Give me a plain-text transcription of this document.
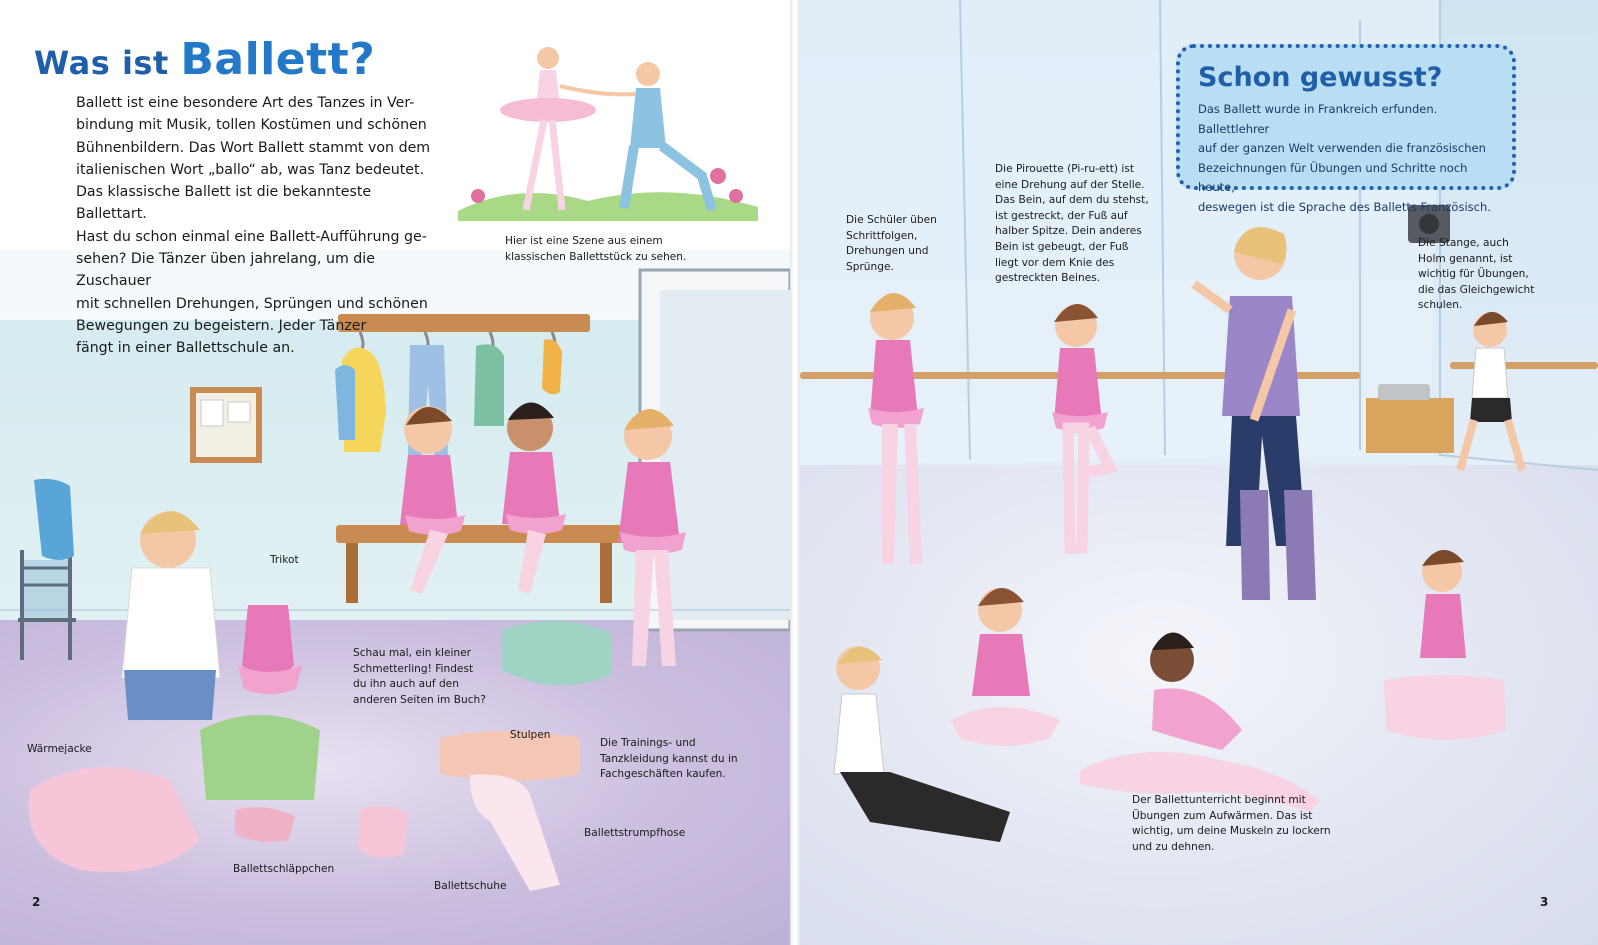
Was ist Ballett?

Ballett ist eine besondere Art des Tanzes in Ver-
bindung mit Musik, tollen Kostümen und schönen
Bühnenbildern. Das Wort Ballett stammt von dem
italienischen Wort „ballo“ ab, was Tanz bedeutet.
Das klassische Ballett ist die bekannteste Ballettart.
Hast du schon einmal eine Ballett-Aufführung ge-
sehen? Die Tänzer üben jahrelang, um die Zuschauer
mit schnellen Drehungen, Sprüngen und schönen
Bewegungen zu begeistern. Jeder Tänzer
fängt in einer Ballettschule an.

Hier ist eine Szene aus einem
klassischen Ballettstück zu sehen.

Trikot

Schau mal, ein kleiner
Schmetterling! Findest
du ihn auch auf den
anderen Seiten im Buch?

Wärmejacke

Stulpen

Die Trainings- und
Tanzkleidung kannst du in
Fachgeschäften kaufen.

Ballettstrumpfhose

Ballettschläppchen

Ballettschuhe

2
Schon gewusst?

Das Ballett wurde in Frankreich erfunden. Ballettlehrer
auf der ganzen Welt verwenden die französischen
Bezeichnungen für Übungen und Schritte noch heute,
deswegen ist die Sprache des Balletts Französisch.

Die Schüler üben
Schrittfolgen,
Drehungen und
Sprünge.

Die Pirouette (Pi-ru-ett) ist
eine Drehung auf der Stelle.
Das Bein, auf dem du stehst,
ist gestreckt, der Fuß auf
halber Spitze. Dein anderes
Bein ist gebeugt, der Fuß
liegt vor dem Knie des
gestreckten Beines.

Die Stange, auch
Holm genannt, ist
wichtig für Übungen,
die das Gleichgewicht
schulen.

Der Ballettunterricht beginnt mit
Übungen zum Aufwärmen. Das ist
wichtig, um deine Muskeln zu lockern
und zu dehnen.

3
